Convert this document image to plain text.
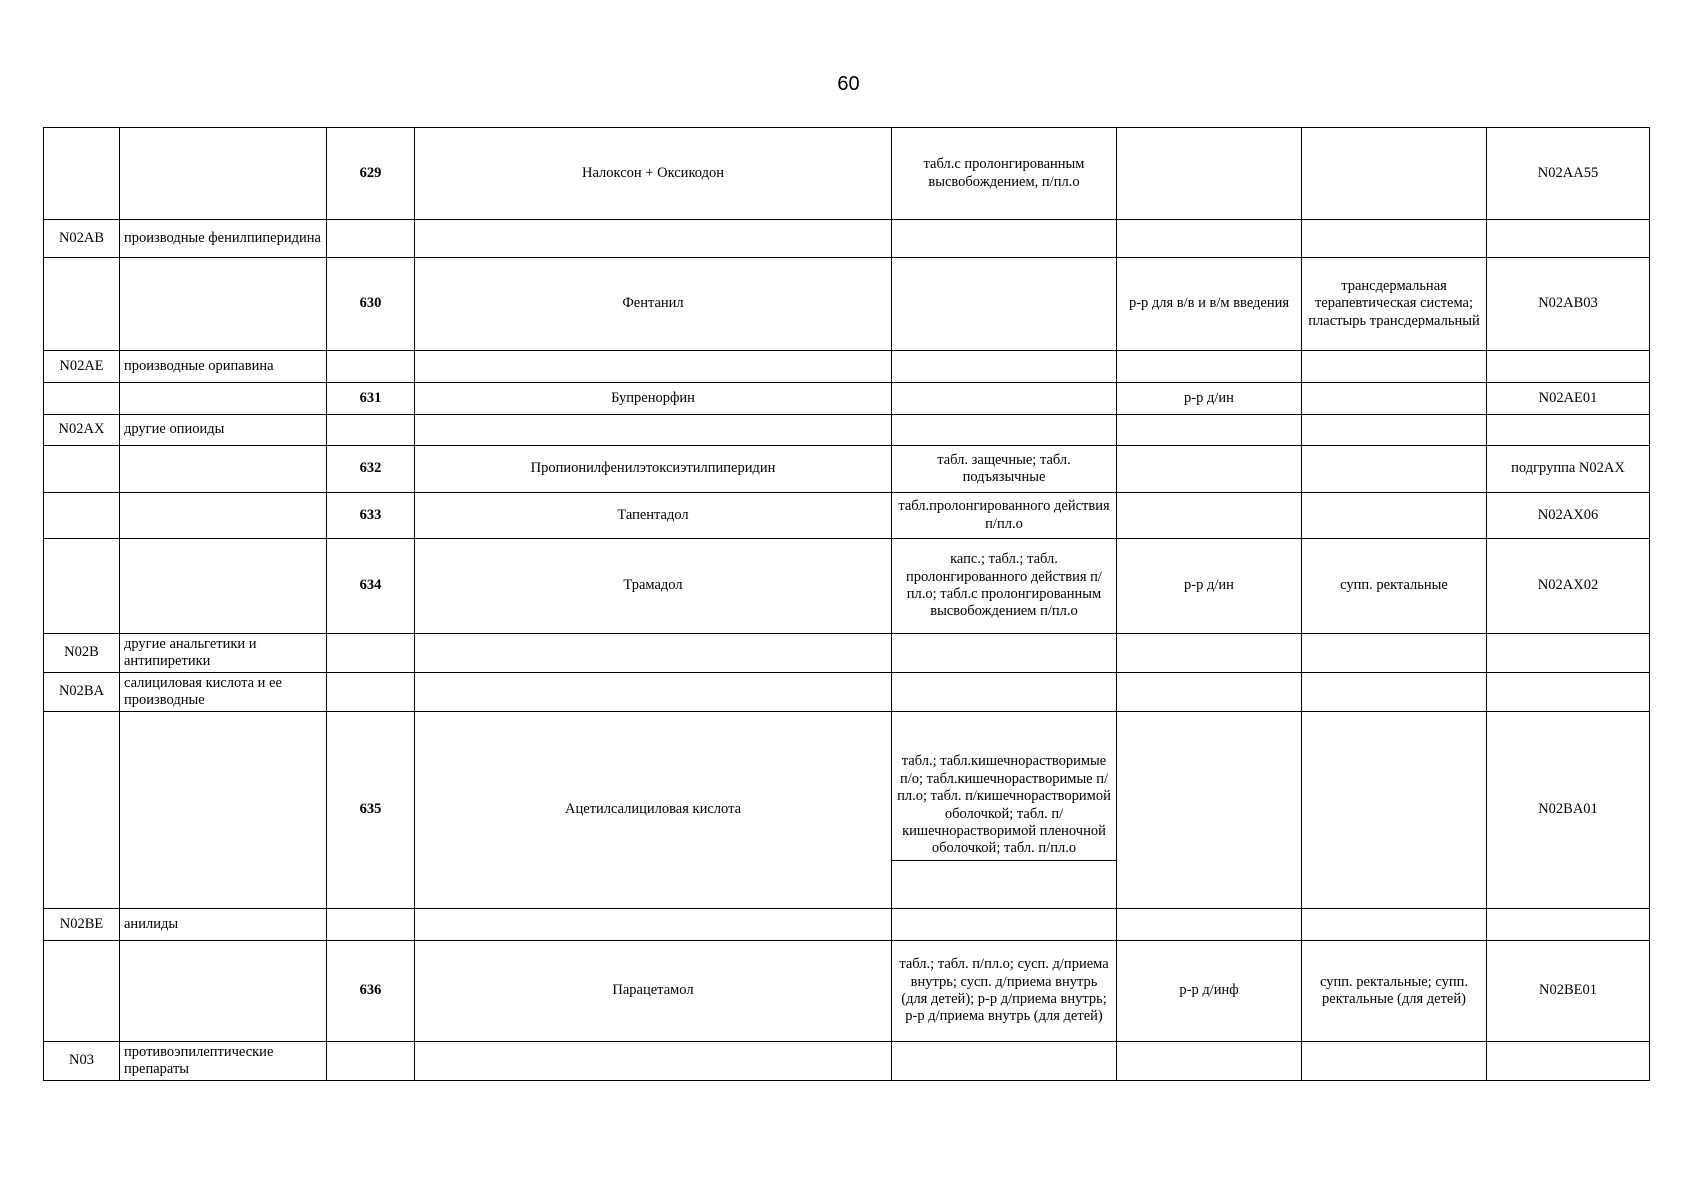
60
		629	Налоксон + Оксикодон	табл.с пролонгированным высвобождением, п/пл.о			N02AA55
N02AB	производные фенилпиперидина						
		630	Фентанил		р-р для в/в и в/м введения	трансдермальная терапевтическая система; пластырь трансдермальный	N02AB03
N02AE	производные орипавина						
		631	Бупренорфин		р-р д/ин		N02AE01
N02AX	другие опиоиды						
		632	Пропионилфенилэтоксиэтилпиперидин	табл. защечные; табл. подъязычные			подгруппа N02AX
		633	Тапентадол	табл.пролонгированного действия п/пл.о			N02AX06
		634	Трамадол	капс.; табл.; табл. пролонгированного действия п/пл.о; табл.с пролонгированным высвобождением п/пл.о	р-р д/ин	супп. ректальные	N02AX02
N02B	другие анальгетики и антипиретики						
N02BA	салициловая кислота и ее производные						
		635	Ацетилсалициловая кислота	табл.; табл.кишечнорастворимые п/о; табл.кишечнорастворимые п/пл.о; табл. п/кишечнорастворимой оболочкой; табл. п/кишечнорастворимой пленочной оболочкой; табл. п/пл.о			N02BA01
N02BE	анилиды						
		636	Парацетамол	табл.; табл. п/пл.о; сусп. д/приема внутрь; сусп. д/приема внутрь (для детей); р-р д/приема внутрь; р-р д/приема внутрь (для детей)	р-р д/инф	супп. ректальные; супп. ректальные (для детей)	N02BE01
N03	противоэпилептические препараты						
